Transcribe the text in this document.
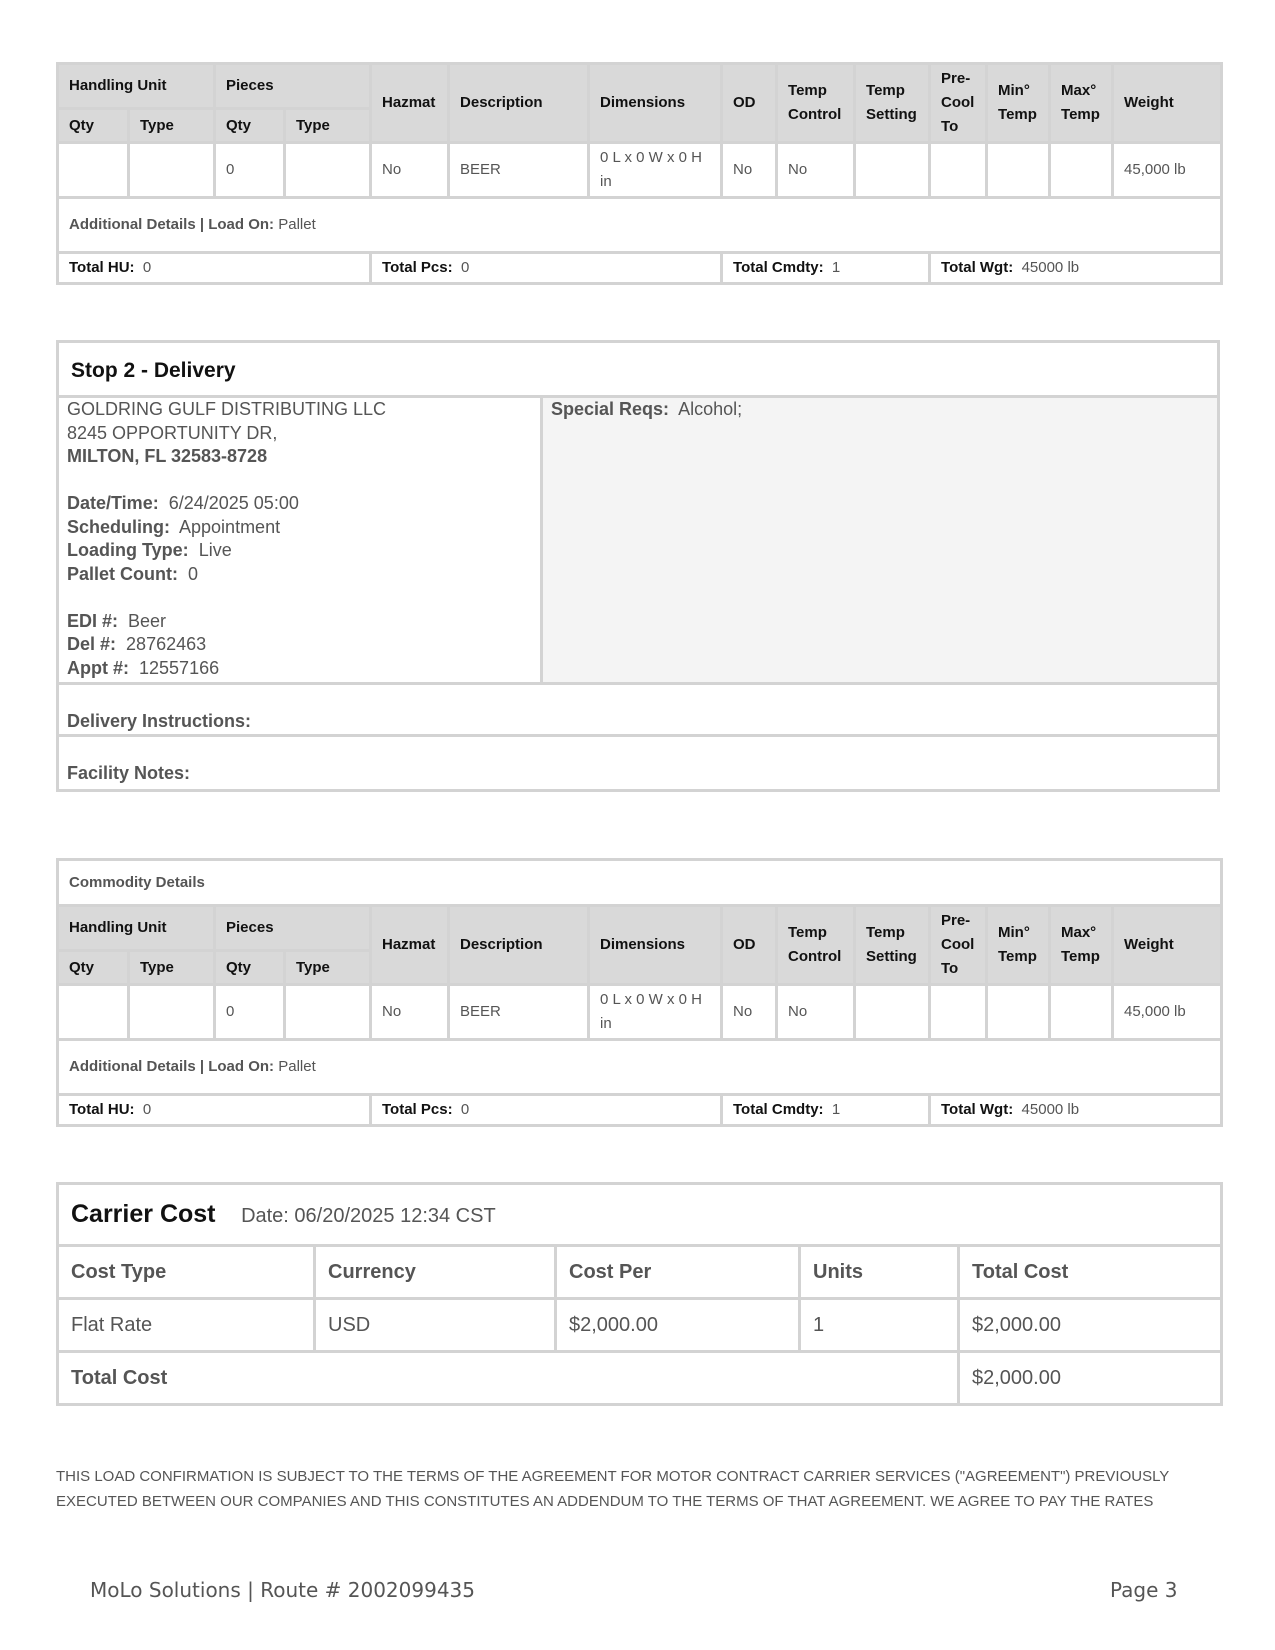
Handling Unit		Pieces		Hazmat	Description	Dimensions	OD	Temp Control	Temp Setting	Pre-Cool To	Min° Temp	Max° Temp	Weight
Qty	Type	Qty	Type										
		0		No	BEER	0 L x 0 W x 0 H in	No	No					45,000 lb
Additional Details | Load On: Pallet													
Total HU: 0				Total Pcs: 0			Total Cmdty: 1			Total Wgt: 45000 lb			
Stop 2 - Delivery
GOLDRING GULF DISTRIBUTING LLC
8245 OPPORTUNITY DR,
MILTON, FL 32583-8728
Date/Time: 6/24/2025 05:00
Scheduling: Appointment
Loading Type: Live
Pallet Count: 0
EDI #: Beer
Del #: 28762463
Appt #: 12557166
Special Reqs: Alcohol;
Delivery Instructions:
Facility Notes:
Commodity Details													
Handling Unit		Pieces		Hazmat	Description	Dimensions	OD	Temp Control	Temp Setting	Pre-Cool To	Min° Temp	Max° Temp	Weight
Qty	Type	Qty	Type										
		0		No	BEER	0 L x 0 W x 0 H in	No	No					45,000 lb
Additional Details | Load On: Pallet													
Total HU: 0				Total Pcs: 0			Total Cmdty: 1			Total Wgt: 45000 lb			
Carrier Cost Date: 06/20/2025 12:34 CST				
Cost Type	Currency	Cost Per	Units	Total Cost
Flat Rate	USD	$2,000.00	1	$2,000.00
Total Cost				$2,000.00
THIS LOAD CONFIRMATION IS SUBJECT TO THE TERMS OF THE AGREEMENT FOR MOTOR CONTRACT CARRIER SERVICES ("AGREEMENT") PREVIOUSLY EXECUTED BETWEEN OUR COMPANIES AND THIS CONSTITUTES AN ADDENDUM TO THE TERMS OF THAT AGREEMENT. WE AGREE TO PAY THE RATES
MoLo Solutions | Route # 2002099435	Page 3
